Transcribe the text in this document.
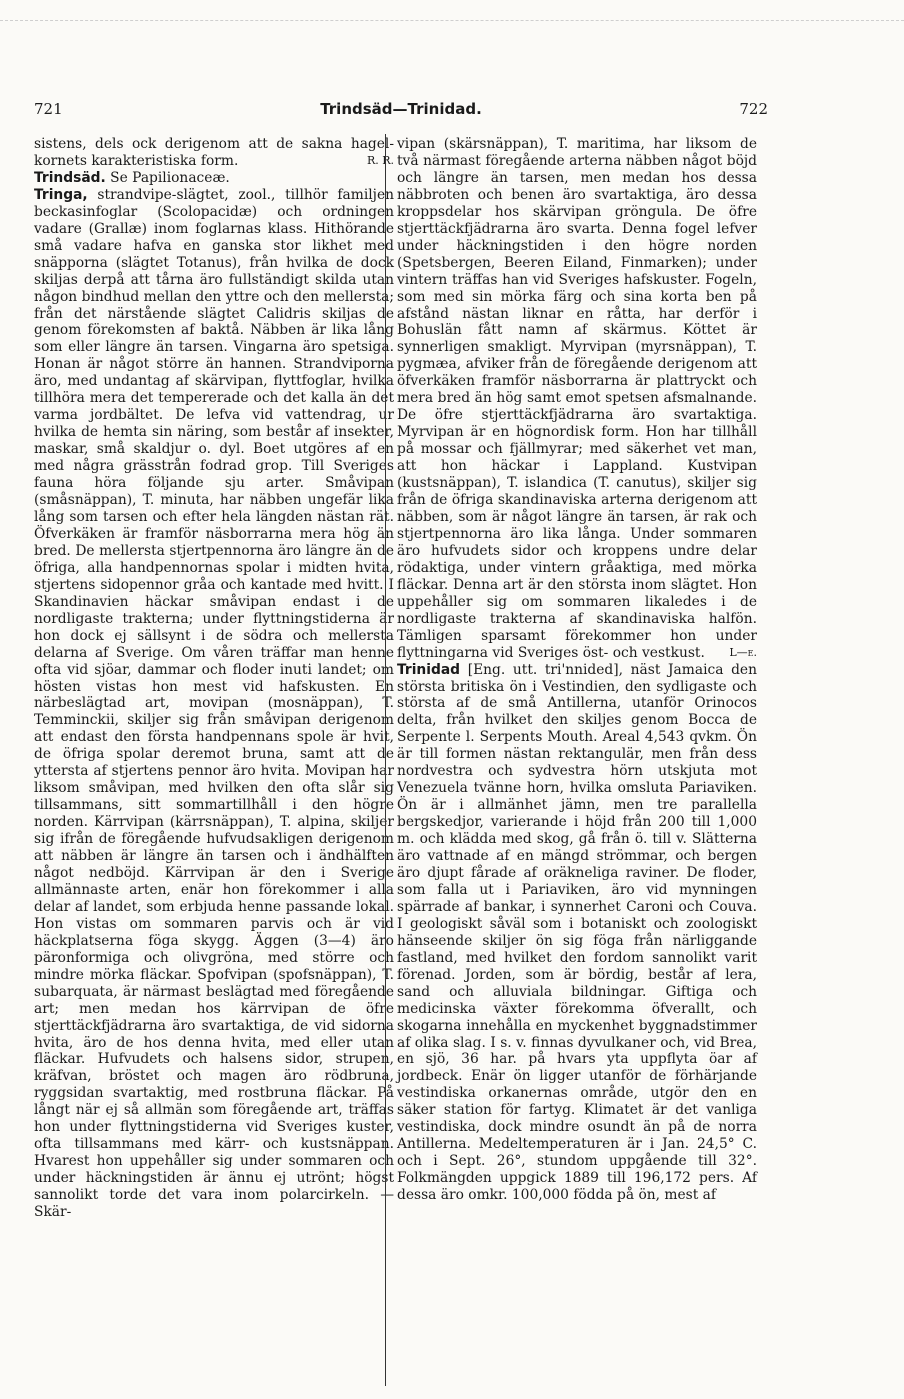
721	Trindsäd—Trinidad.	722

sistens, dels ock derigenom att de sakna hagel-kornets karakteristiska form.	R. R.

Trindsäd. Se Papilionaceæ.

Tringa, strandvipe-slägtet, zool., tillhör familjen beckasinfoglar (Scolopacidæ) och ordningen vadare (Grallæ) inom foglarnas klass. Hithörande små vadare hafva en ganska stor likhet med snäpporna (slägtet Totanus), från hvilka de dock skiljas derpå att tårna äro fullständigt skilda utan någon bindhud mellan den yttre och den mellersta; från det närstående slägtet Calidris skiljas de genom förekomsten af baktå. Näbben är lika lång som eller längre än tarsen. Vingarna äro spetsiga. Honan är något större än hannen. Strandviporna äro, med undantag af skärvipan, flyttfoglar, hvilka tillhöra mera det tempererade och det kalla än det varma jordbältet. De lefva vid vattendrag, ur hvilka de hemta sin näring, som består af insekter, maskar, små skaldjur o. dyl. Boet utgöres af en med några grässtrån fodrad grop. Till Sveriges fauna höra följande sju arter. Småvipan (småsnäppan), T. minuta, har näbben ungefär lika lång som tarsen och efter hela längden nästan rät. Öfverkäken är framför näsborrarna mera hög än bred. De mellersta stjertpennorna äro längre än de öfriga, alla handpennornas spolar i midten hvita, stjertens sidopennor gråa och kantade med hvitt. I Skandinavien häckar småvipan endast i de nordligaste trakterna; under flyttningstiderna är hon dock ej sällsynt i de södra och mellersta delarna af Sverige. Om våren träffar man henne ofta vid sjöar, dammar och floder inuti landet; om hösten vistas hon mest vid hafskusten. En närbeslägtad art, movipan (mosnäppan), T. Temminckii, skiljer sig från småvipan derigenom att endast den första handpennans spole är hvit, de öfriga spolar deremot bruna, samt att de yttersta af stjertens pennor äro hvita. Movipan har liksom småvipan, med hvilken den ofta slår sig tillsammans, sitt sommartillhåll i den högre norden. Kärrvipan (kärrsnäppan), T. alpina, skiljer sig ifrån de föregående hufvudsakligen derigenom att näbben är längre än tarsen och i ändhälften något nedböjd. Kärrvipan är den i Sverige allmännaste arten, enär hon förekommer i alla delar af landet, som erbjuda henne passande lokal. Hon vistas om sommaren parvis och är vid häckplatserna föga skygg. Äggen (3—4) äro päronformiga och olivgröna, med större och mindre mörka fläckar. Spofvipan (spofsnäppan), T. subarquata, är närmast beslägtad med föregående art; men medan hos kärrvipan de öfre stjerttäckfjädrarna äro svartaktiga, de vid sidorna hvita, äro de hos denna hvita, med eller utan fläckar. Hufvudets och halsens sidor, strupen, kräfvan, bröstet och magen äro rödbruna, ryggsidan svartaktig, med rostbruna fläckar. På långt när ej så allmän som föregående art, träffas hon under flyttningstiderna vid Sveriges kuster, ofta tillsammans med kärr- och kustsnäppan. Hvarest hon uppehåller sig under sommaren och under häckningstiden är ännu ej utrönt; högst sannolikt torde det vara inom polarcirkeln. — Skär-

vipan (skärsnäppan), T. maritima, har liksom de två närmast föregående arterna näbben något böjd och längre än tarsen, men medan hos dessa näbbroten och benen äro svartaktiga, äro dessa kroppsdelar hos skärvipan gröngula. De öfre stjerttäckfjädrarna äro svarta. Denna fogel lefver under häckningstiden i den högre norden (Spetsbergen, Beeren Eiland, Finmarken); under vintern träffas han vid Sveriges hafskuster. Fogeln, som med sin mörka färg och sina korta ben på afstånd nästan liknar en råtta, har derför i Bohuslän fått namn af skärmus. Köttet är synnerligen smakligt. Myrvipan (myrsnäppan), T. pygmæa, afviker från de föregående derigenom att öfverkäken framför näsborrarna är plattryckt och mera bred än hög samt emot spetsen afsmalnande. De öfre stjerttäckfjädrarna äro svartaktiga. Myrvipan är en högnordisk form. Hon har tillhåll på mossar och fjällmyrar; med säkerhet vet man, att hon häckar i Lappland. Kustvipan (kustsnäppan), T. islandica (T. canutus), skiljer sig från de öfriga skandinaviska arterna derigenom att näbben, som är något längre än tarsen, är rak och stjertpennorna äro lika långa. Under sommaren äro hufvudets sidor och kroppens undre delar rödaktiga, under vintern gråaktiga, med mörka fläckar. Denna art är den största inom slägtet. Hon uppehåller sig om sommaren likaledes i de nordligaste trakterna af skandinaviska halfön. Tämligen sparsamt förekommer hon under flyttningarna vid Sveriges öst- och vestkust. L—e.

Trinidad [Eng. utt. tri'nnided], näst Jamaica den största britiska ön i Vestindien, den sydligaste och största af de små Antillerna, utanför Orinocos delta, från hvilket den skiljes genom Bocca de Serpente l. Serpents Mouth. Areal 4,543 qvkm. Ön är till formen nästan rektangulär, men från dess nordvestra och sydvestra hörn utskjuta mot Venezuela tvänne horn, hvilka omsluta Pariaviken. Ön är i allmänhet jämn, men tre parallella bergskedjor, varierande i höjd från 200 till 1,000 m. och klädda med skog, gå från ö. till v. Slätterna äro vattnade af en mängd strömmar, och bergen äro djupt fårade af oräkneliga raviner. De floder, som falla ut i Pariaviken, äro vid mynningen spärrade af bankar, i synnerhet Caroni och Couva. I geologiskt såväl som i botaniskt och zoologiskt hänseende skiljer ön sig föga från närliggande fastland, med hvilket den fordom sannolikt varit förenad. Jorden, som är bördig, består af lera, sand och alluviala bildningar. Giftiga och medicinska växter förekomma öfverallt, och skogarna innehålla en myckenhet byggnadstimmer af olika slag. I s. v. finnas dyvulkaner och, vid Brea, en sjö, 36 har. på hvars yta uppflyta öar af jordbeck. Enär ön ligger utanför de förhärjande vestindiska orkanernas område, utgör den en säker station för fartyg. Klimatet är det vanliga vestindiska, dock mindre osundt än på de norra Antillerna. Medeltemperaturen är i Jan. 24,5° C. och i Sept. 26°, stundom uppgående till 32°. Folkmängden uppgick 1889 till 196,172 pers. Af dessa äro omkr. 100,000 födda på ön, mest af
